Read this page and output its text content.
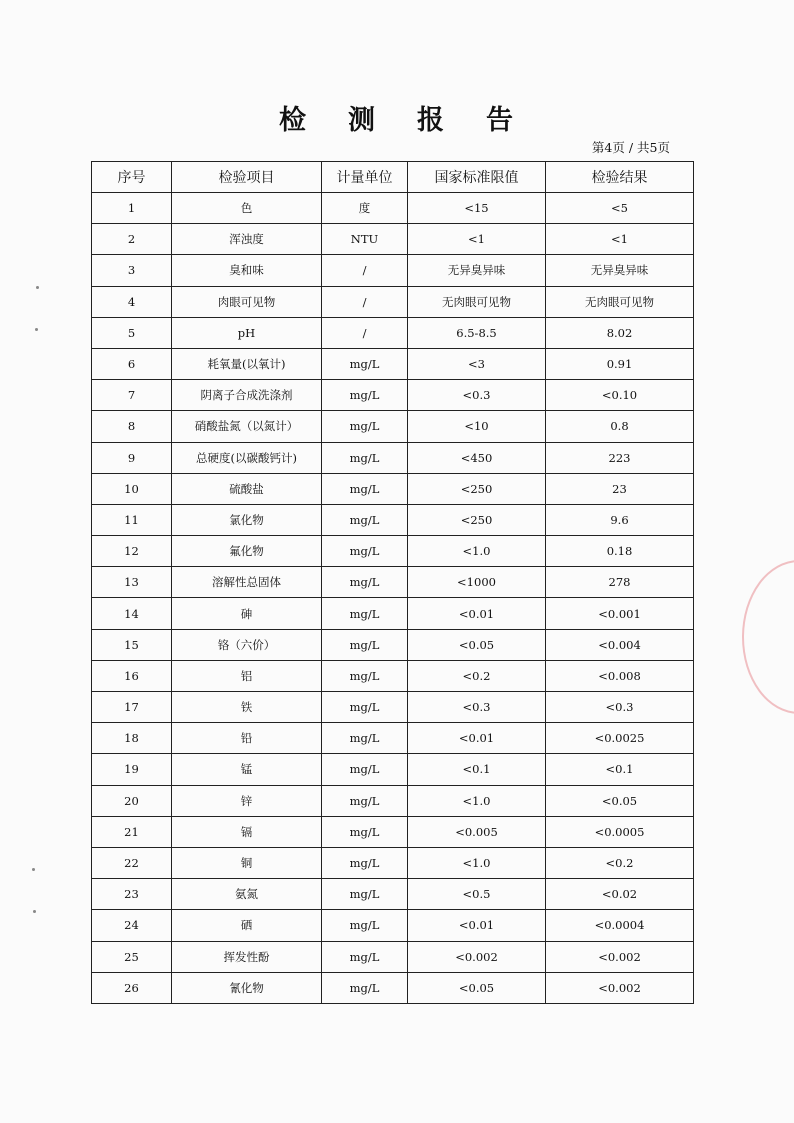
检 测 报 告
第4页 / 共5页
序号	检验项目	计量单位	国家标准限值	检验结果
1	色	度	<15	<5
2	浑浊度	NTU	<1	<1
3	臭和味	/	无异臭异味	无异臭异味
4	肉眼可见物	/	无肉眼可见物	无肉眼可见物
5	pH	/	6.5-8.5	8.02
6	耗氧量(以氧计)	mg/L	<3	0.91
7	阴离子合成洗涤剂	mg/L	<0.3	<0.10
8	硝酸盐氮（以氮计）	mg/L	<10	0.8
9	总硬度(以碳酸钙计)	mg/L	<450	223
10	硫酸盐	mg/L	<250	23
11	氯化物	mg/L	<250	9.6
12	氟化物	mg/L	<1.0	0.18
13	溶解性总固体	mg/L	<1000	278
14	砷	mg/L	<0.01	<0.001
15	铬（六价）	mg/L	<0.05	<0.004
16	铝	mg/L	<0.2	<0.008
17	铁	mg/L	<0.3	<0.3
18	铅	mg/L	<0.01	<0.0025
19	锰	mg/L	<0.1	<0.1
20	锌	mg/L	<1.0	<0.05
21	镉	mg/L	<0.005	<0.0005
22	铜	mg/L	<1.0	<0.2
23	氨氮	mg/L	<0.5	<0.02
24	硒	mg/L	<0.01	<0.0004
25	挥发性酚	mg/L	<0.002	<0.002
26	氰化物	mg/L	<0.05	<0.002
